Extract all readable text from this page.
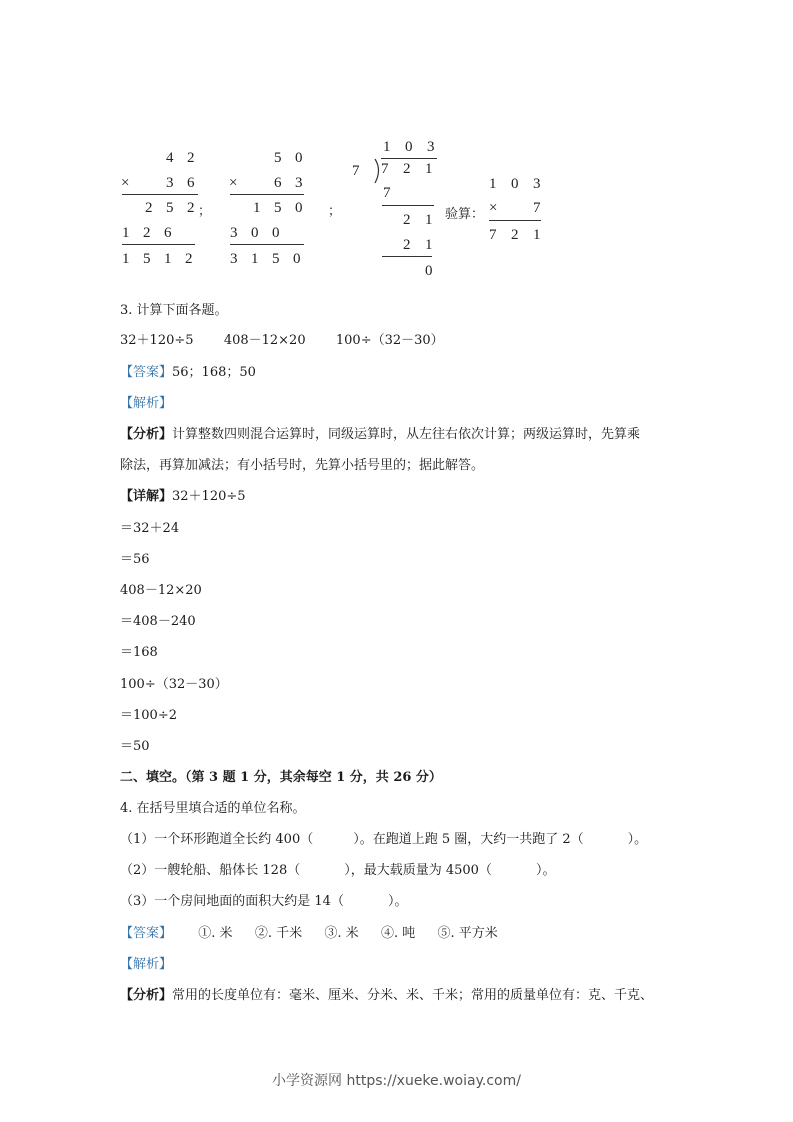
4 2
× 3 6
2 5 2 ；
1 2 6
1 5 1 2
5 0
× 6 3
1 5 0 ；
3 0 0
3 1 5 0
1 0 3
7 7 2 1
7
2 1
2 1
0
验算：
1 0 3
× 7
7 2 1
3. 计算下面各题。
32＋120÷5 408－12×20 100÷（32－30）
【答案】56；168；50
【解析】
【分析】计算整数四则混合运算时，同级运算时，从左往右依次计算；两级运算时，先算乘
除法，再算加减法；有小括号时，先算小括号里的；据此解答。
【详解】32＋120÷5
＝32＋24
＝56
408－12×20
＝408－240
＝168
100÷（32－30）
＝100÷2
＝50
二、填空。（第 3 题 1 分，其余每空 1 分，共 26 分）
4. 在括号里填合适的单位名称。
（1）一个环形跑道全长约 400（	）。在跑道上跑 5 圈，大约一共跑了 2（	）。
（2）一艘轮船、船体长 128（	），最大载质量为 4500（	）。
（3）一个房间地面的面积大约是 14（	）。
【答案】 ①. 米 ②. 千米 ③. 米 ④. 吨 ⑤. 平方米
【解析】
【分析】常用的长度单位有：毫米、厘米、分米、米、千米；常用的质量单位有：克、千克、
小学资源网 https://xueke.woiay.com/
